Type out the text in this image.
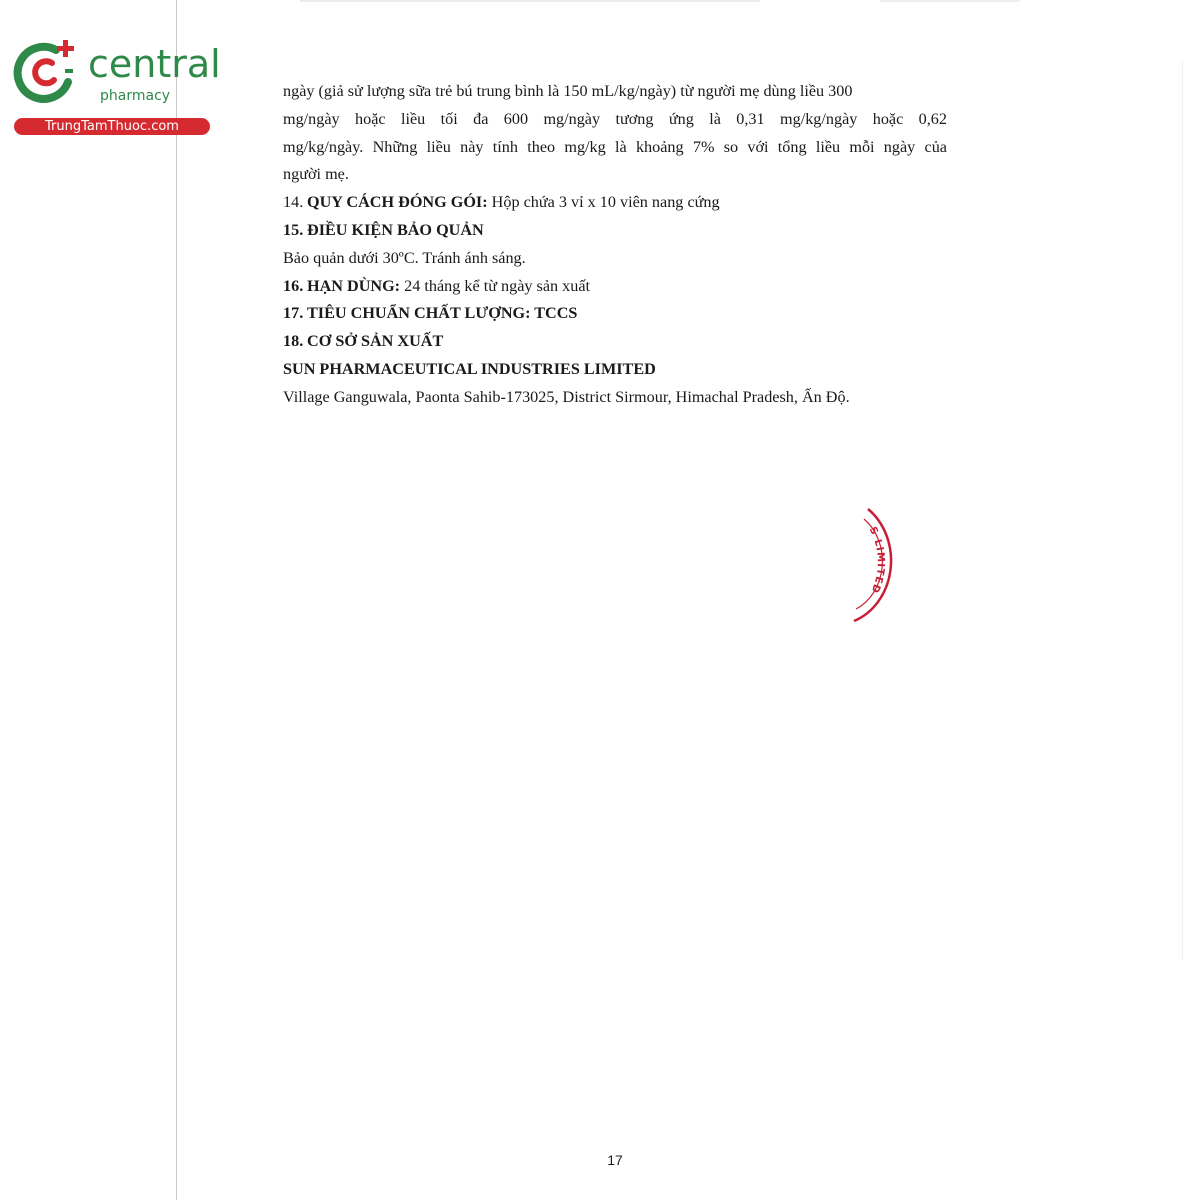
central
pharmacy
TrungTamThuoc.com

ngày (giả sử lượng sữa trẻ bú trung bình là 150 mL/kg/ngày) từ người mẹ dùng liều 300

mg/ngày hoặc liều tối đa 600 mg/ngày tương ứng là 0,31 mg/kg/ngày hoặc 0,62

mg/kg/ngày. Những liều này tính theo mg/kg là khoảng 7% so với tổng liều mỗi ngày của

người mẹ.

14. QUY CÁCH ĐÓNG GÓI: Hộp chứa 3 vỉ x 10 viên nang cứng

15. ĐIỀU KIỆN BẢO QUẢN

Bảo quản dưới 30ºC. Tránh ánh sáng.

16. HẠN DÙNG: 24 tháng kể từ ngày sản xuất

17. TIÊU CHUẨN CHẤT LƯỢNG: TCCS

18. CƠ SỞ SẢN XUẤT

SUN PHARMACEUTICAL INDUSTRIES LIMITED

Village Ganguwala, Paonta Sahib-173025, District Sirmour, Himachal Pradesh, Ấn Độ.

S LIMITED
17
